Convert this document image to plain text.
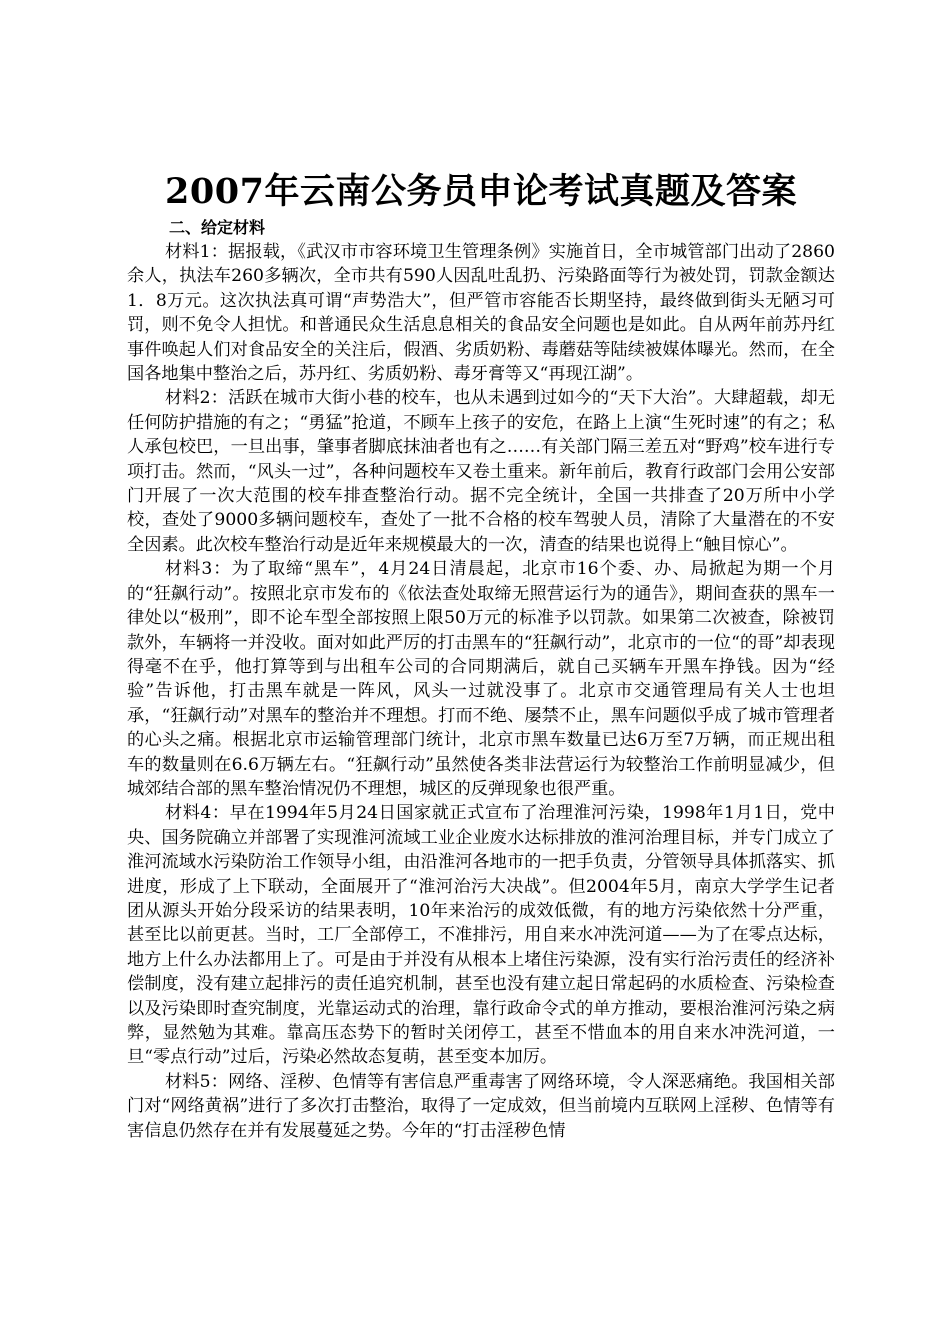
2007年云南公务员申论考试真题及答案
二、给定材料

材料1：据报载，《武汉市市容环境卫生管理条例》实施首日，全市城管部门出动了2860余人，执法车260多辆次，全市共有590人因乱吐乱扔、污染路面等行为被处罚，罚款金额达1．8万元。这次执法真可谓“声势浩大”，但严管市容能否长期坚持，最终做到街头无陋习可罚，则不免令人担忧。和普通民众生活息息相关的食品安全问题也是如此。自从两年前苏丹红事件唤起人们对食品安全的关注后，假酒、劣质奶粉、毒蘑菇等陆续被媒体曝光。然而，在全国各地集中整治之后，苏丹红、劣质奶粉、毒牙膏等又“再现江湖”。

材料2：活跃在城市大街小巷的校车，也从未遇到过如今的“天下大治”。大肆超载，却无任何防护措施的有之；“勇猛”抢道，不顾车上孩子的安危，在路上上演“生死时速”的有之；私人承包校巴，一旦出事，肇事者脚底抹油者也有之……有关部门隔三差五对“野鸡”校车进行专项打击。然而，“风头一过”，各种问题校车又卷土重来。新年前后，教育行政部门会用公安部门开展了一次大范围的校车排查整治行动。据不完全统计，全国一共排查了20万所中小学校，查处了9000多辆问题校车，查处了一批不合格的校车驾驶人员，清除了大量潜在的不安全因素。此次校车整治行动是近年来规模最大的一次，清查的结果也说得上“触目惊心”。

材料3：为了取缔“黑车”，4月24日清晨起，北京市16个委、办、局掀起为期一个月的“狂飙行动”。按照北京市发布的《依法查处取缔无照营运行为的通告》，期间查获的黑车一律处以“极刑”，即不论车型全部按照上限50万元的标准予以罚款。如果第二次被查，除被罚款外，车辆将一并没收。面对如此严厉的打击黑车的“狂飙行动”，北京市的一位“的哥”却表现得毫不在乎，他打算等到与出租车公司的合同期满后，就自己买辆车开黑车挣钱。因为“经验”告诉他，打击黑车就是一阵风，风头一过就没事了。北京市交通管理局有关人士也坦承，“狂飙行动”对黑车的整治并不理想。打而不绝、屡禁不止，黑车问题似乎成了城市管理者的心头之痛。根据北京市运输管理部门统计，北京市黑车数量已达6万至7万辆，而正规出租车的数量则在6.6万辆左右。“狂飙行动”虽然使各类非法营运行为较整治工作前明显减少，但城郊结合部的黑车整治情况仍不理想，城区的反弹现象也很严重。

材料4：早在1994年5月24日国家就正式宣布了治理淮河污染，1998年1月1日，党中央、国务院确立并部署了实现淮河流域工业企业废水达标排放的淮河治理目标，并专门成立了淮河流域水污染防治工作领导小组，由沿淮河各地市的一把手负责，分管领导具体抓落实、抓进度，形成了上下联动，全面展开了“淮河治污大决战”。但2004年5月，南京大学学生记者团从源头开始分段采访的结果表明，10年来治污的成效低微，有的地方污染依然十分严重，甚至比以前更甚。当时，工厂全部停工，不准排污，用自来水冲洗河道——为了在零点达标，地方上什么办法都用上了。可是由于并没有从根本上堵住污染源，没有实行治污责任的经济补偿制度，没有建立起排污的责任追究机制，甚至也没有建立起日常起码的水质检查、污染检查以及污染即时查究制度，光靠运动式的治理，靠行政命令式的单方推动，要根治淮河污染之病弊，显然勉为其难。靠高压态势下的暂时关闭停工，甚至不惜血本的用自来水冲洗河道，一旦“零点行动”过后，污染必然故态复萌，甚至变本加厉。

材料5：网络、淫秽、色情等有害信息严重毒害了网络环境，令人深恶痛绝。我国相关部门对“网络黄祸”进行了多次打击整治，取得了一定成效，但当前境内互联网上淫秽、色情等有害信息仍然存在并有发展蔓延之势。今年的“打击淫秽色情
